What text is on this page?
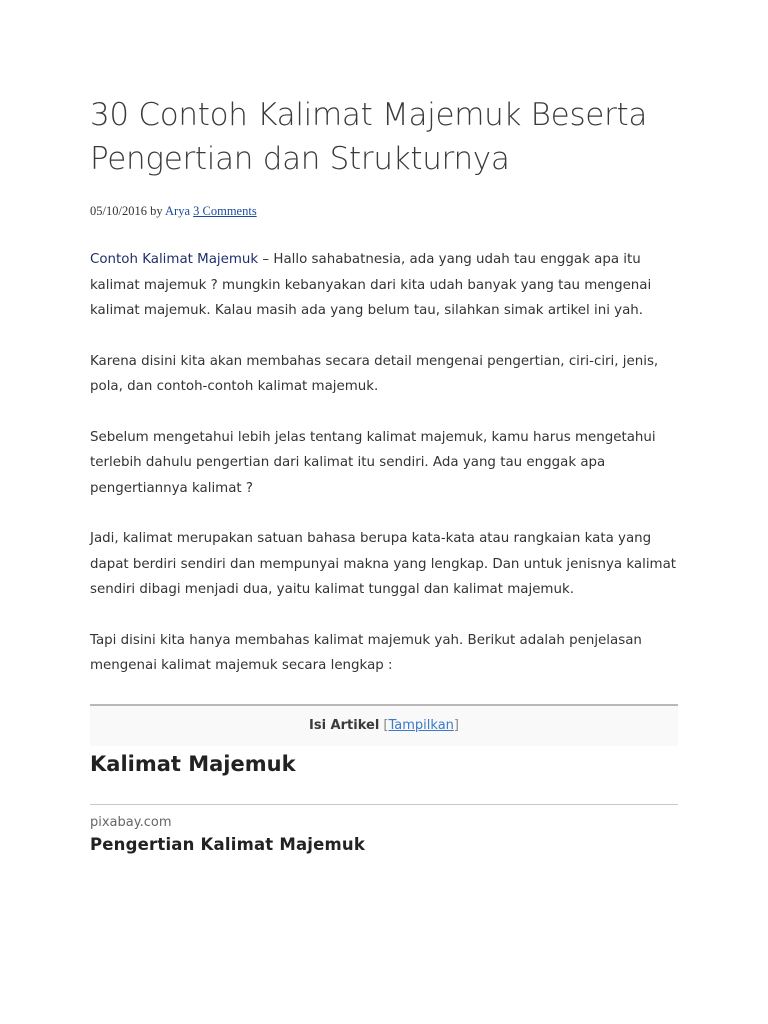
30 Contoh Kalimat Majemuk Beserta Pengertian dan Strukturnya
05/10/2016 by Arya 3 Comments

Contoh Kalimat Majemuk – Hallo sahabatnesia, ada yang udah tau enggak apa itu kalimat majemuk ? mungkin kebanyakan dari kita udah banyak yang tau mengenai kalimat majemuk. Kalau masih ada yang belum tau, silahkan simak artikel ini yah.

Karena disini kita akan membahas secara detail mengenai pengertian, ciri-ciri, jenis, pola, dan contoh-contoh kalimat majemuk.

Sebelum mengetahui lebih jelas tentang kalimat majemuk, kamu harus mengetahui terlebih dahulu pengertian dari kalimat itu sendiri. Ada yang tau enggak apa pengertiannya kalimat ?

Jadi, kalimat merupakan satuan bahasa berupa kata-kata atau rangkaian kata yang dapat berdiri sendiri dan mempunyai makna yang lengkap. Dan untuk jenisnya kalimat sendiri dibagi menjadi dua, yaitu kalimat tunggal dan kalimat majemuk.

Tapi disini kita hanya membahas kalimat majemuk yah. Berikut adalah penjelasan mengenai kalimat majemuk secara lengkap :

Isi Artikel [Tampilkan]
Kalimat Majemuk
pixabay.com
Pengertian Kalimat Majemuk
